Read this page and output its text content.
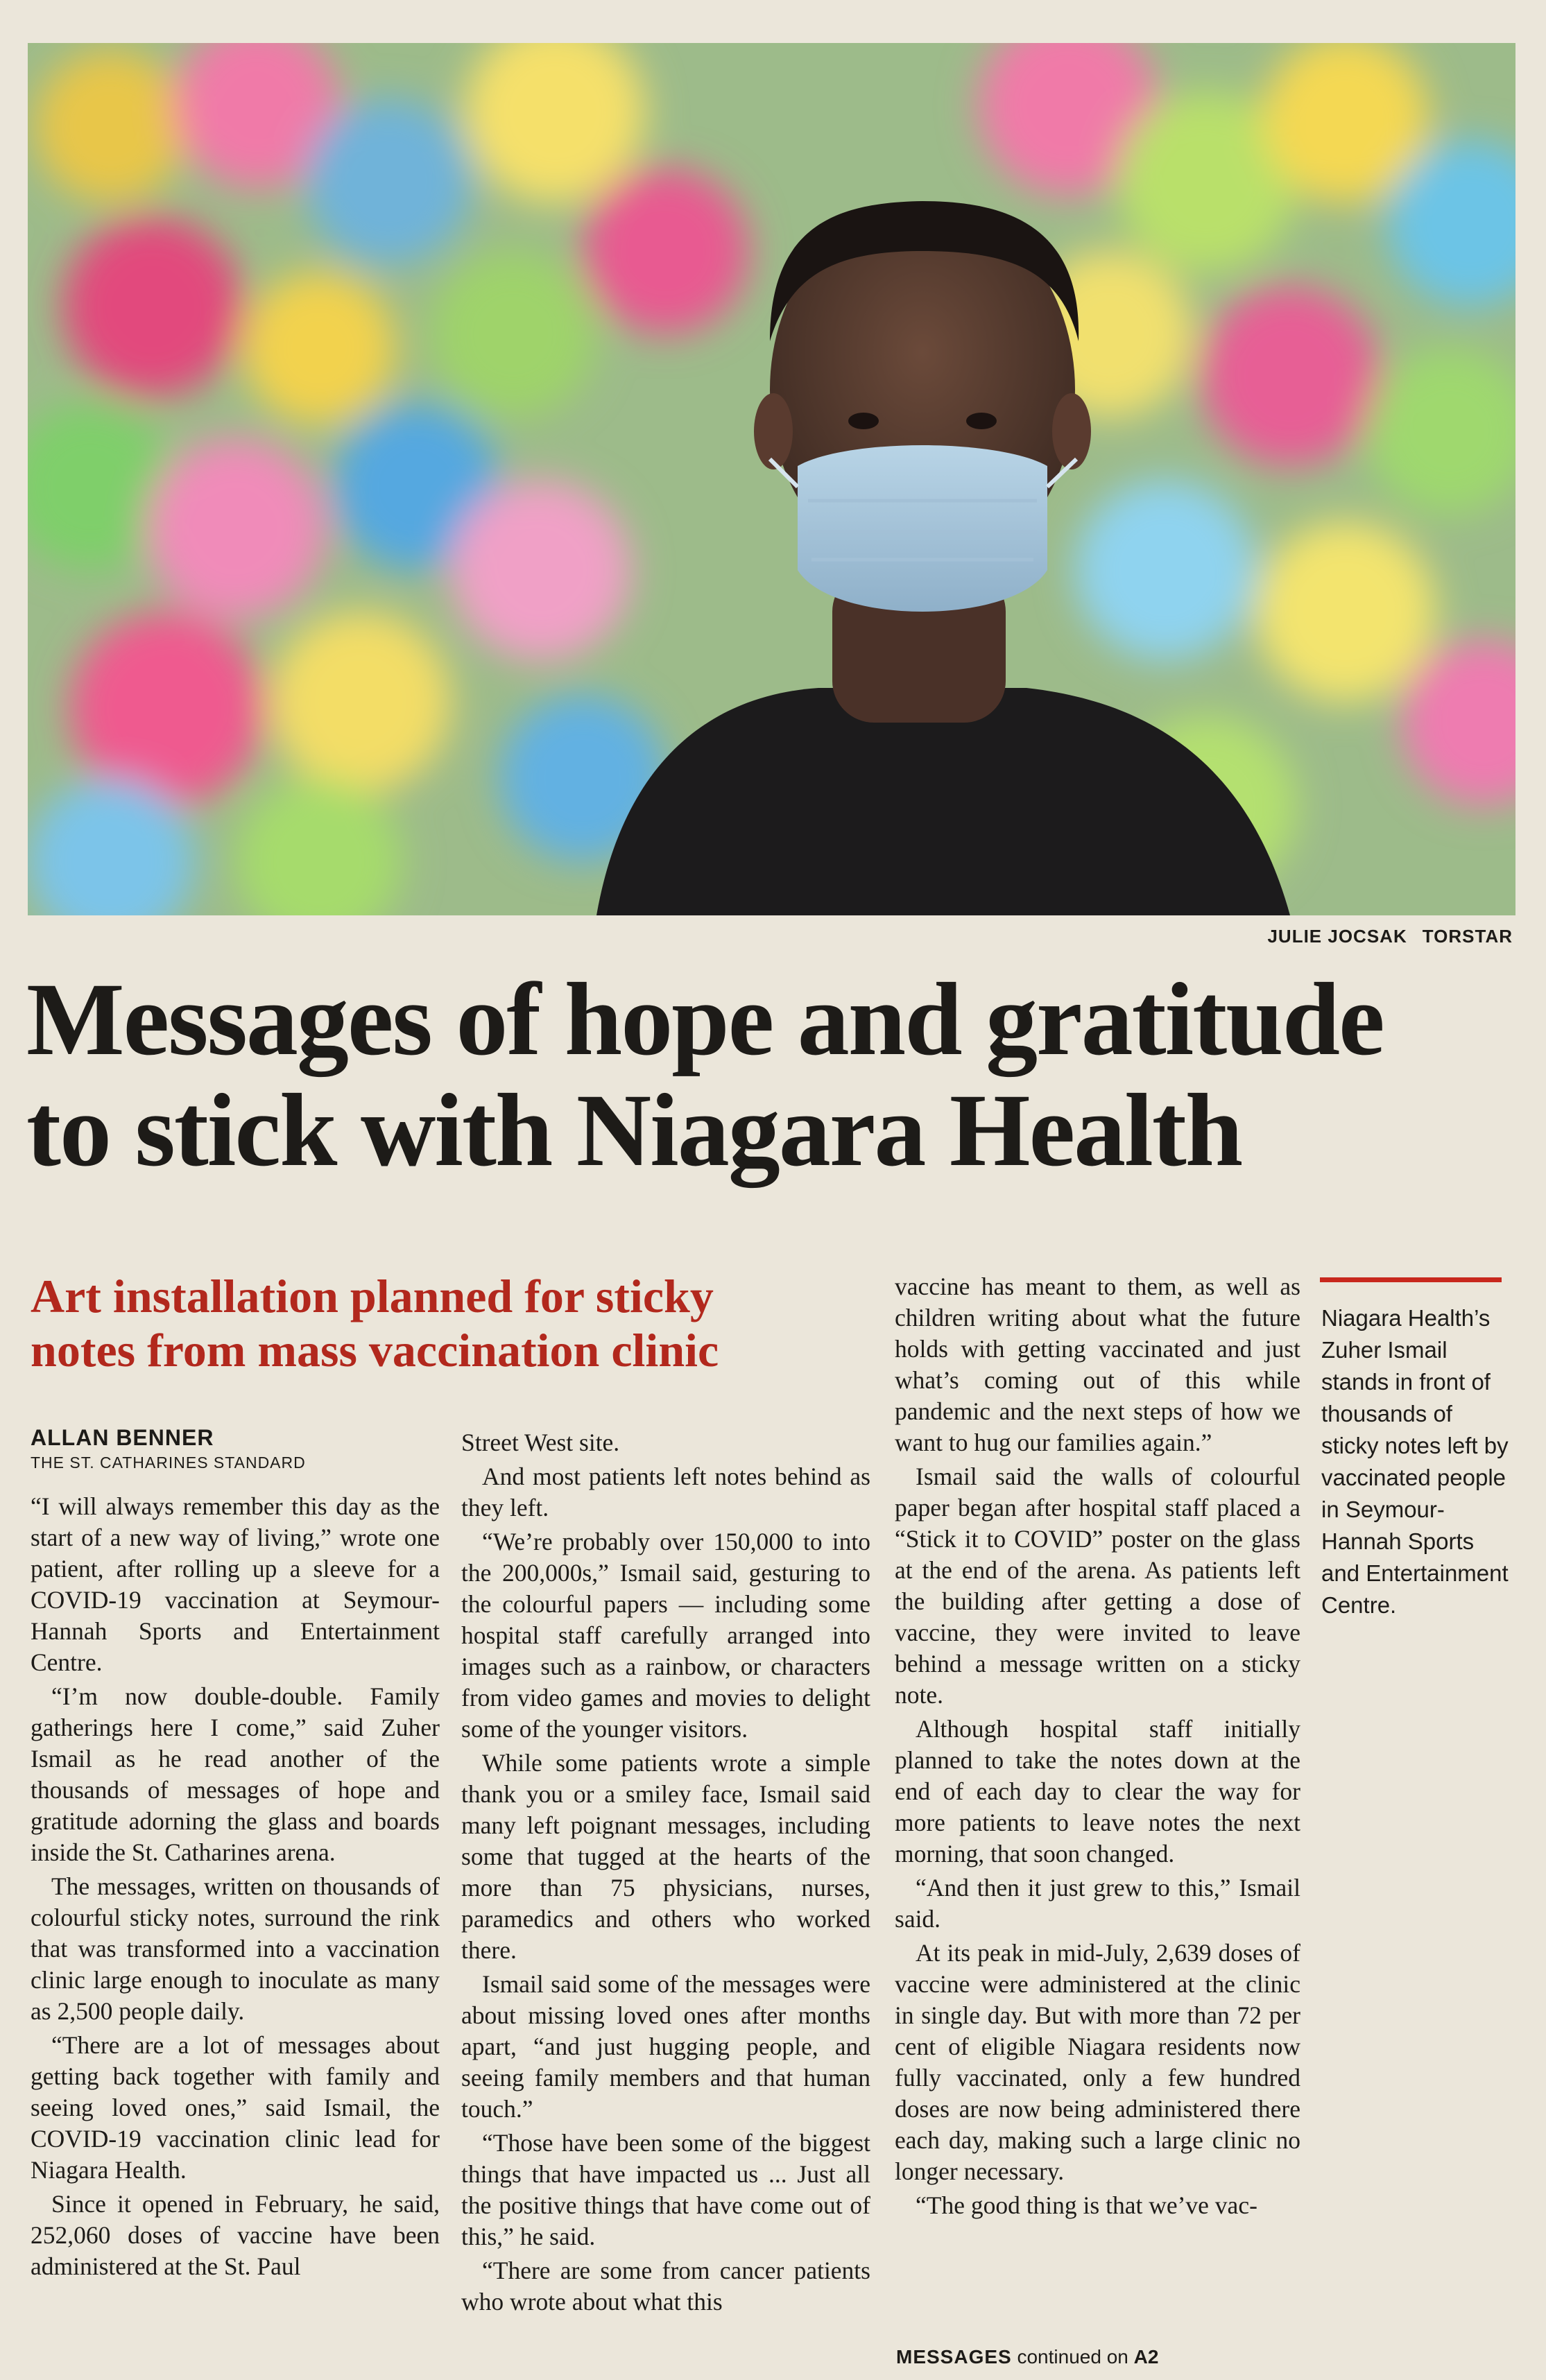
JULIE JOCSAK TORSTAR
Messages of hope and gratitude
to stick with Niagara Health
Art installation planned for sticky
notes from mass vaccination clinic
ALLAN BENNER
THE ST. CATHARINES STANDARD

“I will always remember this day as the start of a new way of living,” wrote one patient, after rolling up a sleeve for a COVID-19 vaccination at Seymour-Hannah Sports and Entertainment Centre.

“I’m now double-double. Family gatherings here I come,” said Zuher Ismail as he read another of the thousands of messages of hope and gratitude adorning the glass and boards inside the St. Catharines arena.

The messages, written on thousands of colourful sticky notes, surround the rink that was transformed into a vaccination clinic large enough to inoculate as many as 2,500 people daily.

“There are a lot of messages about getting back together with family and seeing loved ones,” said Ismail, the COVID-19 vaccination clinic lead for Niagara Health.

Since it opened in February, he said, 252,060 doses of vaccine have been administered at the St. Paul

Street West site.

And most patients left notes behind as they left.

“We’re probably over 150,000 to into the 200,000s,” Ismail said, gesturing to the colourful papers — including some hospital staff carefully arranged into images such as a rainbow, or characters from video games and movies to delight some of the younger visitors.

While some patients wrote a simple thank you or a smiley face, Ismail said many left poignant messages, including some that tugged at the hearts of the more than 75 physicians, nurses, paramedics and others who worked there.

Ismail said some of the messages were about missing loved ones after months apart, “and just hugging people, and seeing family members and that human touch.”

“Those have been some of the biggest things that have impacted us ... Just all the positive things that have come out of this,” he said.

“There are some from cancer patients who wrote about what this

vaccine has meant to them, as well as children writing about what the future holds with getting vaccinated and just what’s coming out of this while pandemic and the next steps of how we want to hug our families again.”

Ismail said the walls of colourful paper began after hospital staff placed a “Stick it to COVID” poster on the glass at the end of the arena. As patients left the building after getting a dose of vaccine, they were invited to leave behind a message written on a sticky note.

Although hospital staff initially planned to take the notes down at the end of each day to clear the way for more patients to leave notes the next morning, that soon changed.

“And then it just grew to this,” Ismail said.

At its peak in mid-July, 2,639 doses of vaccine were administered at the clinic in single day. But with more than 72 per cent of eligible Niagara residents now fully vaccinated, only a few hundred doses are now being administered there each day, making such a large clinic no longer necessary.

“The good thing is that we’ve vac-

MESSAGES continued on A2

Niagara Health’s Zuher Ismail stands in front of thousands of sticky notes left by vaccinated people in Seymour-Hannah Sports and Entertainment Centre.
